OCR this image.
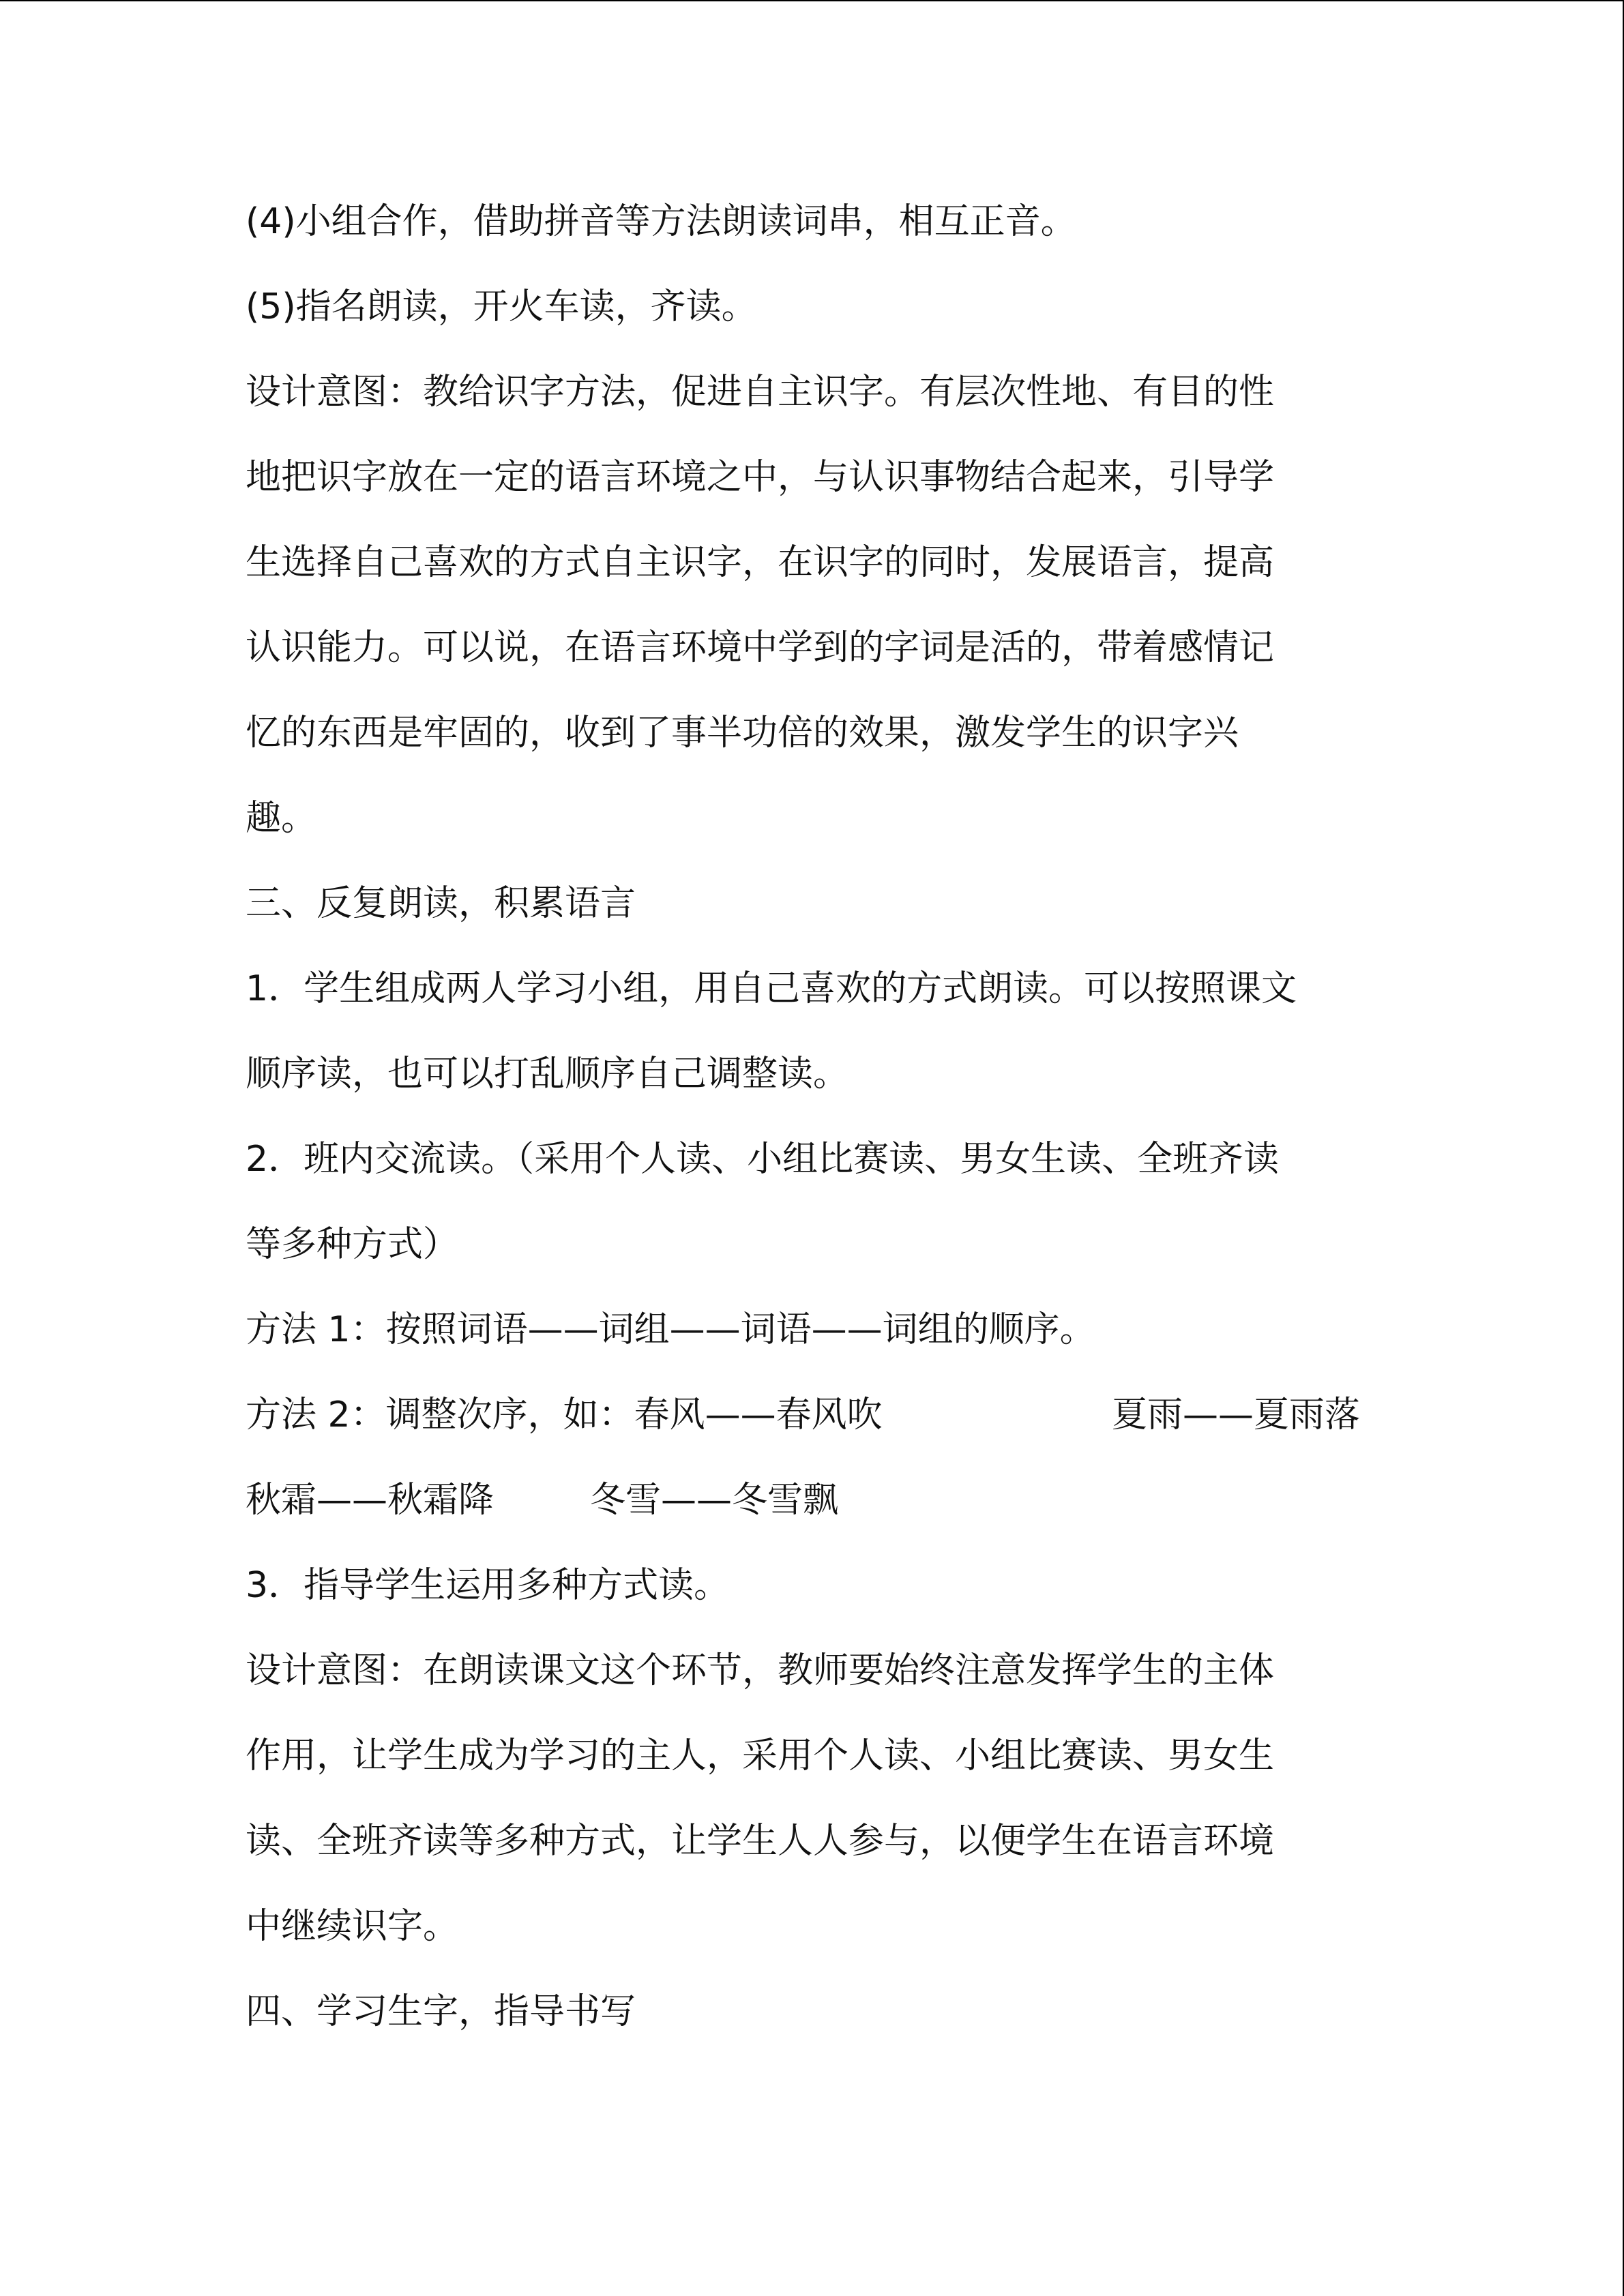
(4)小组合作，借助拼音等方法朗读词串，相互正音。
(5)指名朗读，开火车读，齐读。
设计意图：教给识字方法，促进自主识字。有层次性地、有目的性
地把识字放在一定的语言环境之中，与认识事物结合起来，引导学
生选择自己喜欢的方式自主识字，在识字的同时，发展语言，提高
认识能力。可以说，在语言环境中学到的字词是活的，带着感情记
忆的东西是牢固的，收到了事半功倍的效果，激发学生的识字兴
趣。
三、反复朗读，积累语言
1．学生组成两人学习小组，用自己喜欢的方式朗读。可以按照课文
顺序读，也可以打乱顺序自己调整读。
2．班内交流读。（采用个人读、小组比赛读、男女生读、全班齐读
等多种方式）
方法 1：按照词语——词组——词语——词组的顺序。
方法 2：调整次序，如：春风——春风吹	夏雨——夏雨落
秋霜——秋霜降	冬雪——冬雪飘
3．指导学生运用多种方式读。
设计意图：在朗读课文这个环节，教师要始终注意发挥学生的主体
作用，让学生成为学习的主人，采用个人读、小组比赛读、男女生
读、全班齐读等多种方式，让学生人人参与，以便学生在语言环境
中继续识字。
四、学习生字，指导书写
